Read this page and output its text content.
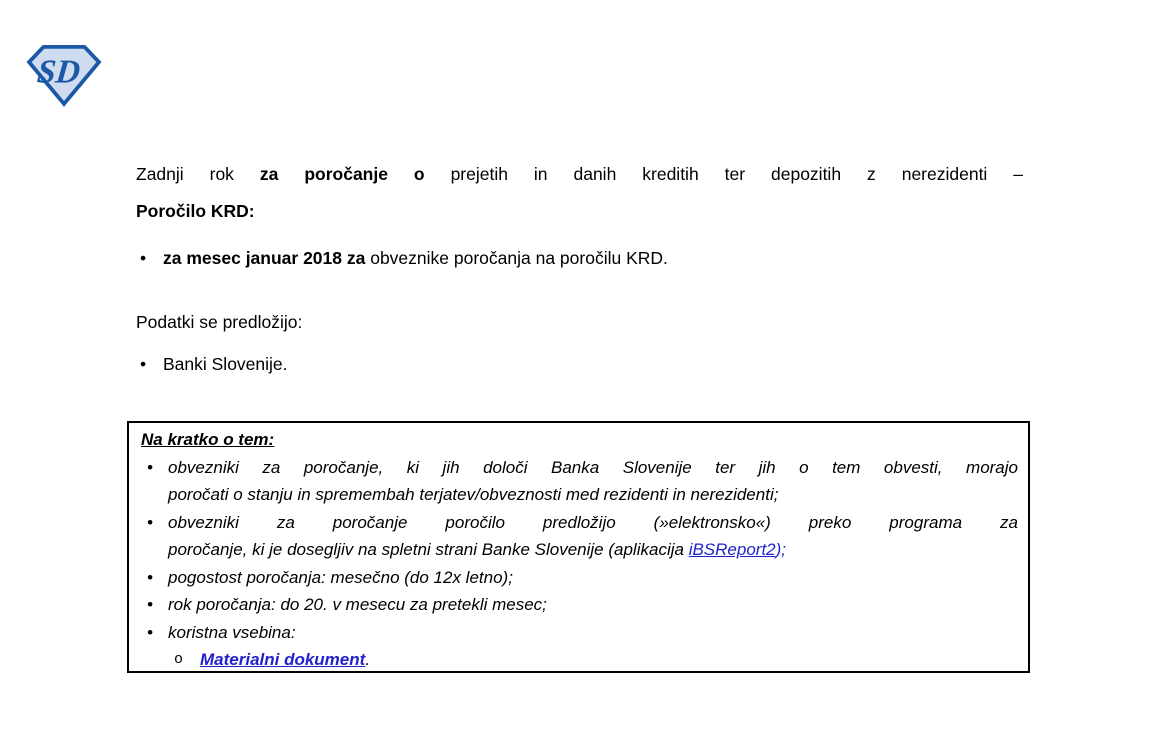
SD
Zadnji rok za poročanje o prejetih in danih kreditih ter depozitih z nerezidenti –
Poročilo KRD:
• za mesec januar 2018 za obveznike poročanja na poročilu KRD.
Podatki se predložijo:
• Banki Slovenije.
Na kratko o tem:
• obvezniki za poročanje, ki jih določi Banka Slovenije ter jih o tem obvesti, morajo
poročati o stanju in spremembah terjatev/obveznosti med rezidenti in nerezidenti;
• obvezniki za poročanje poročilo predložijo (»elektronsko«) preko programa za
poročanje, ki je dosegljiv na spletni strani Banke Slovenije (aplikacija iBSReport2);
• pogostost poročanja: mesečno (do 12x letno);
• rok poročanja: do 20. v mesecu za pretekli mesec;
• koristna vsebina:
o Materialni dokument.
